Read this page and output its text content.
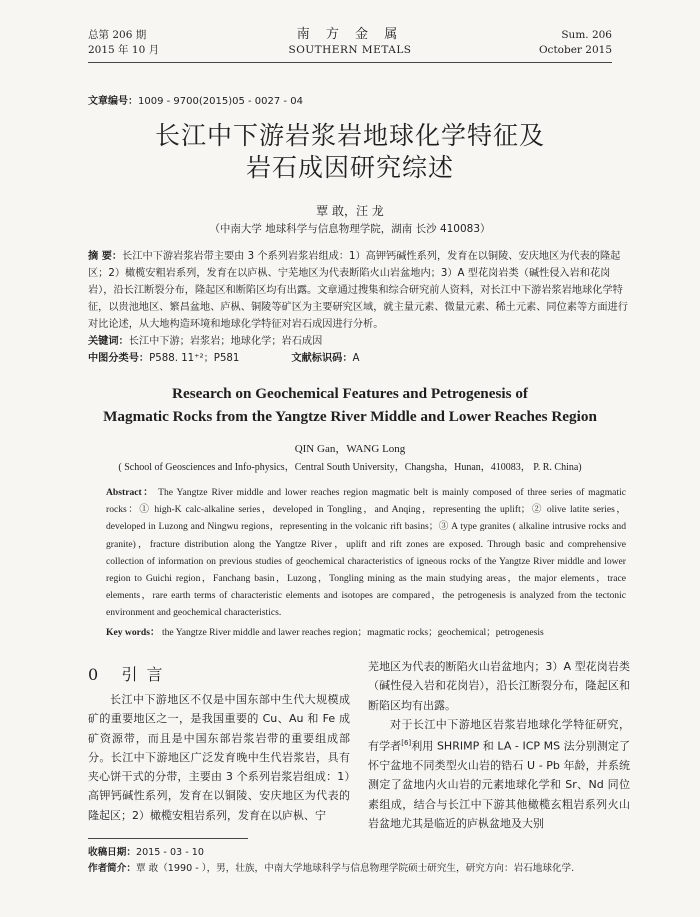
总第 206 期
2015 年 10 月
南 方 金 属
SOUTHERN METALS
Sum. 206
October 2015
文章编号：1009 - 9700(2015)05 - 0027 - 04
长江中下游岩浆岩地球化学特征及
岩石成因研究综述
覃 敢，汪 龙
（中南大学 地球科学与信息物理学院，湖南 长沙 410083）
摘 要：长江中下游岩浆岩带主要由 3 个系列岩浆岩组成：1）高钾钙碱性系列，发育在以铜陵、安庆地区为代表的隆起区；2）橄榄安粗岩系列，发育在以庐枞、宁芜地区为代表断陷火山岩盆地内；3）A 型花岗岩类（碱性侵入岩和花岗岩），沿长江断裂分布，隆起区和断陷区均有出露。文章通过搜集和综合研究前人资料，对长江中下游岩浆岩地球化学特征，以贵池地区、繁昌盆地、庐枞、铜陵等矿区为主要研究区域，就主量元素、微量元素、稀土元素、同位素等方面进行对比论述，从大地构造环境和地球化学特征对岩石成因进行分析。
关键词：长江中下游；岩浆岩；地球化学；岩石成因
中图分类号：P588. 11⁺²；P581	文献标识码：A
Research on Geochemical Features and Petrogenesis of
Magmatic Rocks from the Yangtze River Middle and Lower Reaches Region
QIN Gan，WANG Long
( School of Geosciences and Info-physics，Central South University，Changsha，Hunan，410083， P. R. China)
Abstract： The Yangtze River middle and lower reaches region magmatic belt is mainly composed of three series of magmatic rocks：① high-K calc-alkaline series，developed in Tongling，and Anqing，representing the uplift；② olive latite series，developed in Luzong and Ningwu regions，representing in the volcanic rift basins；③ A type granites ( alkaline intrusive rocks and granite)，fracture distribution along the Yangtze River，uplift and rift zones are exposed. Through basic and comprehensive collection of information on previous studies of geochemical characteristics of igneous rocks of the Yangtze River middle and lower region to Guichi region，Fanchang basin，Luzong，Tongling mining as the main studying areas，the major elements，trace elements，rare earth terms of characteristic elements and isotopes are compared，the petrogenesis is analyzed from the tectonic environment and geochemical characteristics.
Key words： the Yangtze River middle and lawer reaches region；magmatic rocks；geochemical；petrogenesis
0 引 言

长江中下游地区不仅是中国东部中生代大规模成矿的重要地区之一，是我国重要的 Cu、Au 和 Fe 成矿资源带，而且是中国东部岩浆岩带的重要组成部分。长江中下游地区广泛发育晚中生代岩浆岩，具有夹心饼干式的分带，主要由 3 个系列岩浆岩组成：1）高钾钙碱性系列，发育在以铜陵、安庆地区为代表的隆起区；2）橄榄安粗岩系列，发育在以庐枞、宁

芜地区为代表的断陷火山岩盆地内；3）A 型花岗岩类（碱性侵入岩和花岗岩），沿长江断裂分布，隆起区和断陷区均有出露。

对于长江中下游地区岩浆岩地球化学特征研究，有学者[6]利用 SHRIMP 和 LA - ICP MS 法分别测定了怀宁盆地不同类型火山岩的锆石 U - Pb 年龄，并系统测定了盆地内火山岩的元素地球化学和 Sr、Nd 同位素组成，结合与长江中下游其他橄榄玄粗岩系列火山岩盆地尤其是临近的庐枞盆地及大别

收稿日期：2015 - 03 - 10
作者简介：覃 敢（1990 - ），男，壮族，中南大学地球科学与信息物理学院硕士研究生，研究方向：岩石地球化学.
